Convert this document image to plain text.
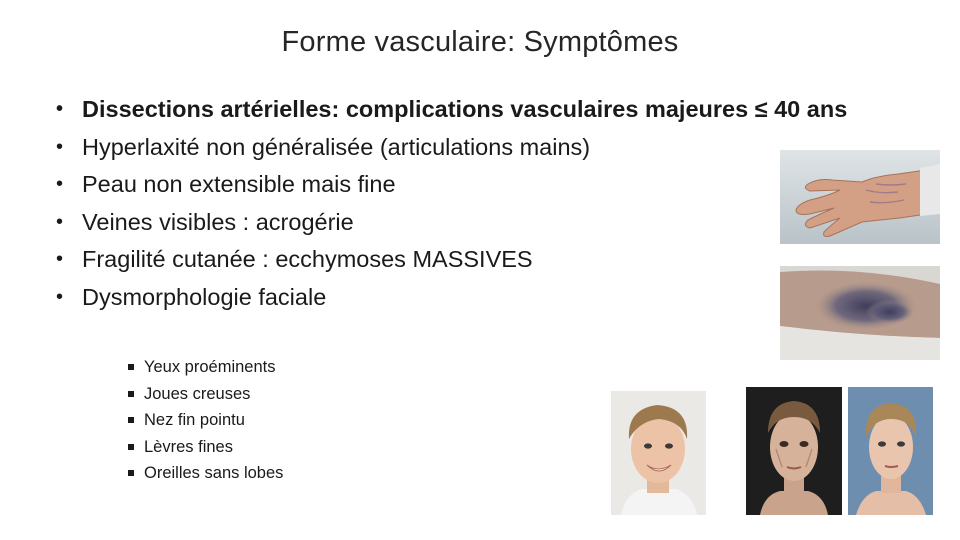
Forme vasculaire: Symptômes
• Dissections artérielles: complications vasculaires majeures ≤ 40 ans
• Hyperlaxité non généralisée (articulations mains)
• Peau non extensible mais fine
• Veines visibles : acrogérie
• Fragilité cutanée : ecchymoses MASSIVES
• Dysmorphologie faciale
Yeux proéminents
Joues creuses
Nez fin pointu
Lèvres fines
Oreilles sans lobes
